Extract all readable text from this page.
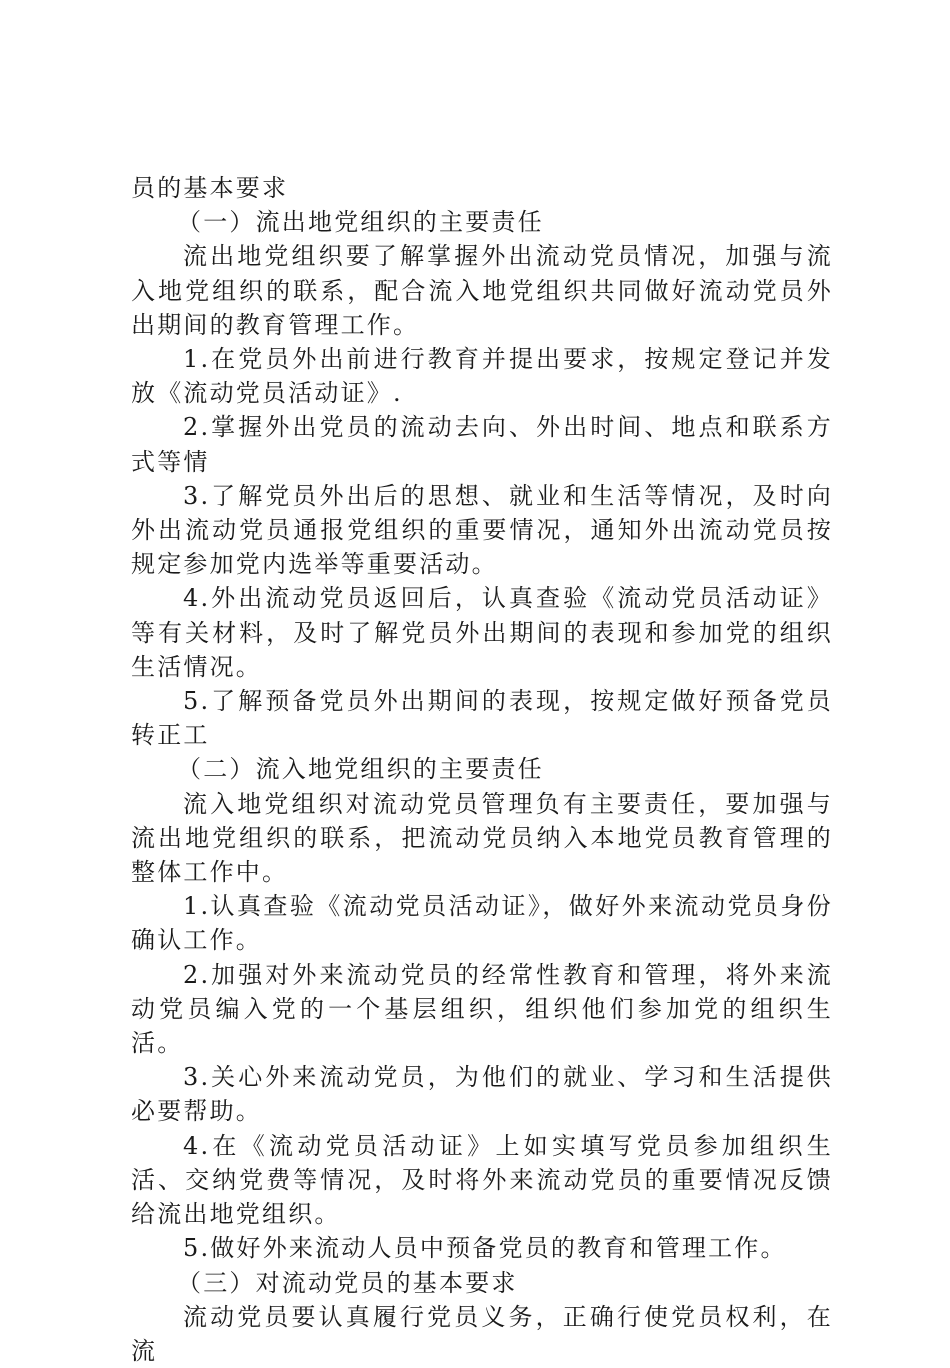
员的基本要求

（一）流出地党组织的主要责任

流出地党组织要了解掌握外出流动党员情况，加强与流入地党组织的联系，配合流入地党组织共同做好流动党员外出期间的教育管理工作。

1.在党员外出前进行教育并提出要求，按规定登记并发放《流动党员活动证》.

2.掌握外出党员的流动去向、外出时间、地点和联系方式等情

3.了解党员外出后的思想、就业和生活等情况，及时向外出流动党员通报党组织的重要情况，通知外出流动党员按规定参加党内选举等重要活动。

4.外出流动党员返回后，认真查验《流动党员活动证》等有关材料，及时了解党员外出期间的表现和参加党的组织生活情况。

5.了解预备党员外出期间的表现，按规定做好预备党员转正工

（二）流入地党组织的主要责任

流入地党组织对流动党员管理负有主要责任，要加强与流出地党组织的联系，把流动党员纳入本地党员教育管理的整体工作中。

1.认真查验《流动党员活动证》，做好外来流动党员身份确认工作。

2.加强对外来流动党员的经常性教育和管理，将外来流动党员编入党的一个基层组织，组织他们参加党的组织生活。

3.关心外来流动党员，为他们的就业、学习和生活提供必要帮助。

4.在《流动党员活动证》上如实填写党员参加组织生活、交纳党费等情况，及时将外来流动党员的重要情况反馈给流出地党组织。

5.做好外来流动人员中预备党员的教育和管理工作。

（三）对流动党员的基本要求

流动党员要认真履行党员义务，正确行使党员权利，在流
